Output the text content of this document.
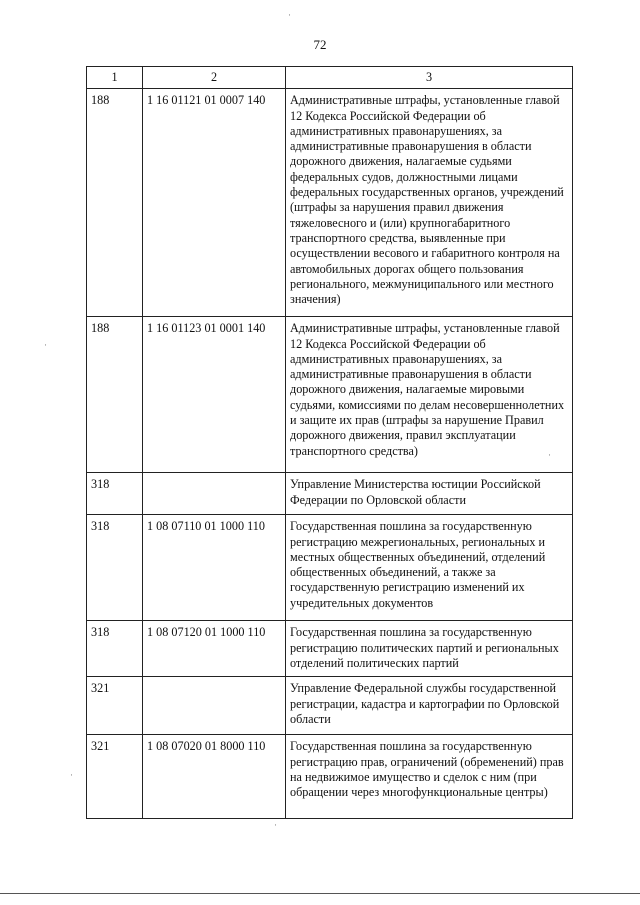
72
1	2	3
188	1 16 01121 01 0007 140	Административные штрафы, установленные главой 12 Кодекса Российской Федерации об административных правонарушениях, за административные правонарушения в области дорожного движения, налагаемые судьями федеральных судов, должностными лицами федеральных государственных органов, учреждений (штрафы за нарушения правил движения тяжеловесного и (или) крупногабаритного транспортного средства, выявленные при осуществлении весового и габаритного контроля на автомобильных дорогах общего пользования регионального, межмуниципального или местного значения)
188	1 16 01123 01 0001 140	Административные штрафы, установленные главой 12 Кодекса Российской Федерации об административных правонарушениях, за административные правонарушения в области дорожного движения, налагаемые мировыми судьями, комиссиями по делам несовершеннолетних и защите их прав (штрафы за нарушение Правил дорожного движения, правил эксплуатации транспортного средства)
318		Управление Министерства юстиции Российской Федерации по Орловской области
318	1 08 07110 01 1000 110	Государственная пошлина за государственную регистрацию межрегиональных, региональных и местных общественных объединений, отделений общественных объединений, а также за государственную регистрацию изменений их учредительных документов
318	1 08 07120 01 1000 110	Государственная пошлина за государственную регистрацию политических партий и региональных отделений политических партий
321		Управление Федеральной службы государственной регистрации, кадастра и картографии по Орловской области
321	1 08 07020 01 8000 110	Государственная пошлина за государственную регистрацию прав, ограничений (обременений) прав на недвижимое имущество и сделок с ним (при обращении через многофункциональные центры)
·
·
·
·
·
